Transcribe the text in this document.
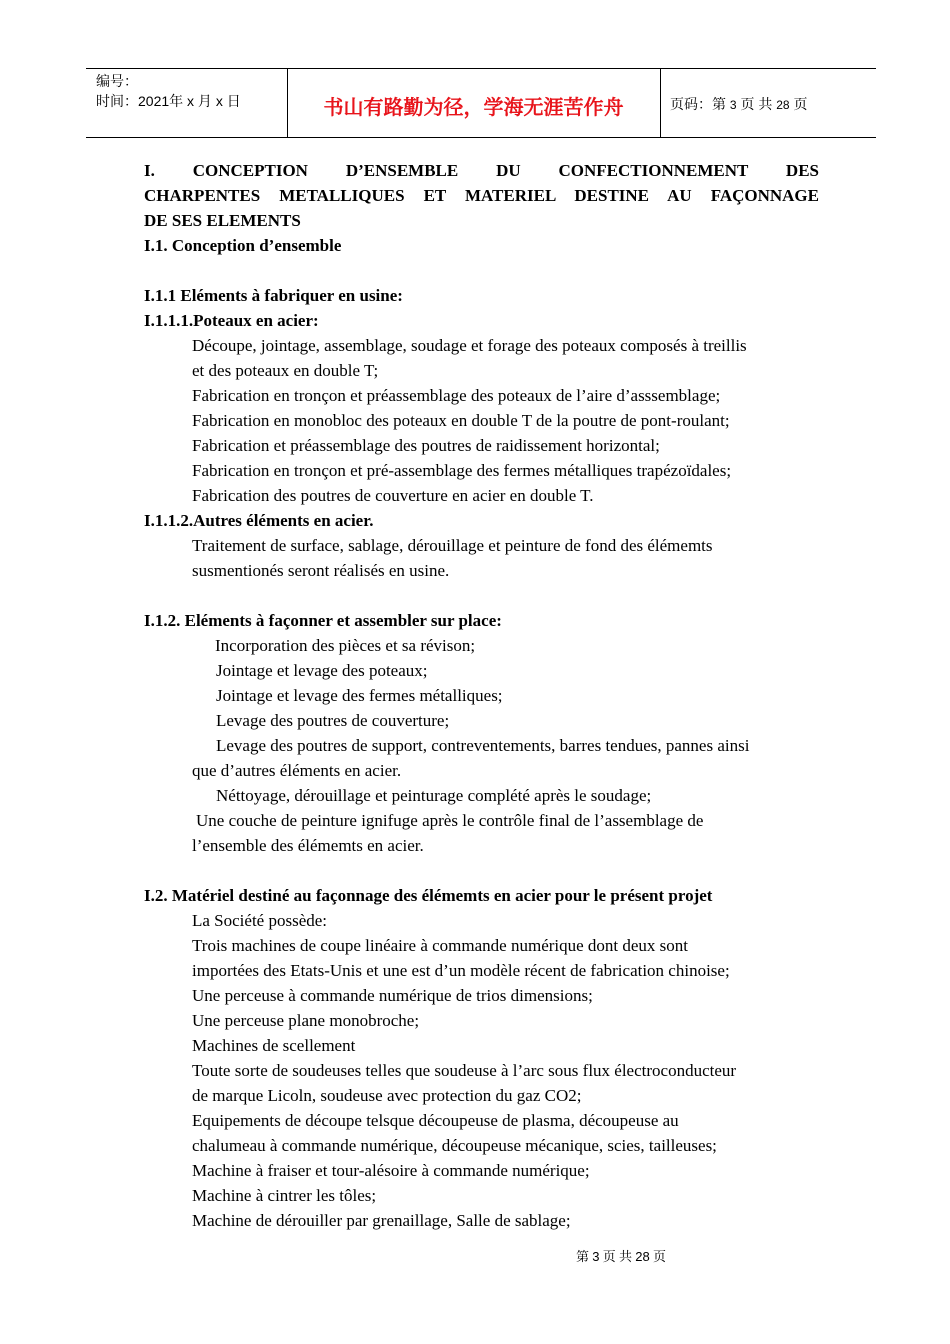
编号：
时间：2021年 x 月 x 日	书山有路勤为径，学海无涯苦作舟	页码：第 3 页 共 28 页
I. CONCEPTION D’ENSEMBLE DU CONFECTIONNEMENT DES
CHARPENTES METALLIQUES ET MATERIEL DESTINE AU FAÇONNAGE
DE SES ELEMENTS
I.1. Conception d’ensemble
I.1.1 Eléments à fabriquer en usine:
I.1.1.1.Poteaux en acier:
Découpe, jointage, assemblage, soudage et forage des poteaux composés à treillis
et des poteaux en double T;
Fabrication en tronçon et préassemblage des poteaux de l’aire d’asssemblage;
Fabrication en monobloc des poteaux en double T de la poutre de pont-roulant;
Fabrication et préassemblage des poutres de raidissement horizontal;
Fabrication en tronçon et pré-assemblage des fermes métalliques trapézoïdales;
Fabrication des poutres de couverture en acier en double T.
I.1.1.2.Autres éléments en acier.
Traitement de surface, sablage, dérouillage et peinture de fond des élémemts
susmentionés seront réalisés en usine.
I.1.2. Eléments à façonner et assembler sur place:
Incorporation des pièces et sa révison;
Jointage et levage des poteaux;
Jointage et levage des fermes métalliques;
Levage des poutres de couverture;
Levage des poutres de support, contreventements, barres tendues, pannes ainsi
que d’autres éléments en acier.
Néttoyage, dérouillage et peinturage complété après le soudage;
Une couche de peinture ignifuge après le contrôle final de l’assemblage de
l’ensemble des élémemts en acier.
I.2. Matériel destiné au façonnage des élémemts en acier pour le présent projet
La Société possède:
Trois machines de coupe linéaire à commande numérique dont deux sont
importées des Etats-Unis et une est d’un modèle récent de fabrication chinoise;
Une perceuse à commande numérique de trios dimensions;
Une perceuse plane monobroche;
Machines de scellement
Toute sorte de soudeuses telles que soudeuse à l’arc sous flux électroconducteur
de marque Licoln, soudeuse avec protection du gaz CO2;
Equipements de découpe telsque découpeuse de plasma, découpeuse au
chalumeau à commande numérique, découpeuse mécanique, scies, tailleuses;
Machine à fraiser et tour-alésoire à commande numérique;
Machine à cintrer les tôles;
Machine de dérouiller par grenaillage, Salle de sablage;
第 3 页 共 28 页
